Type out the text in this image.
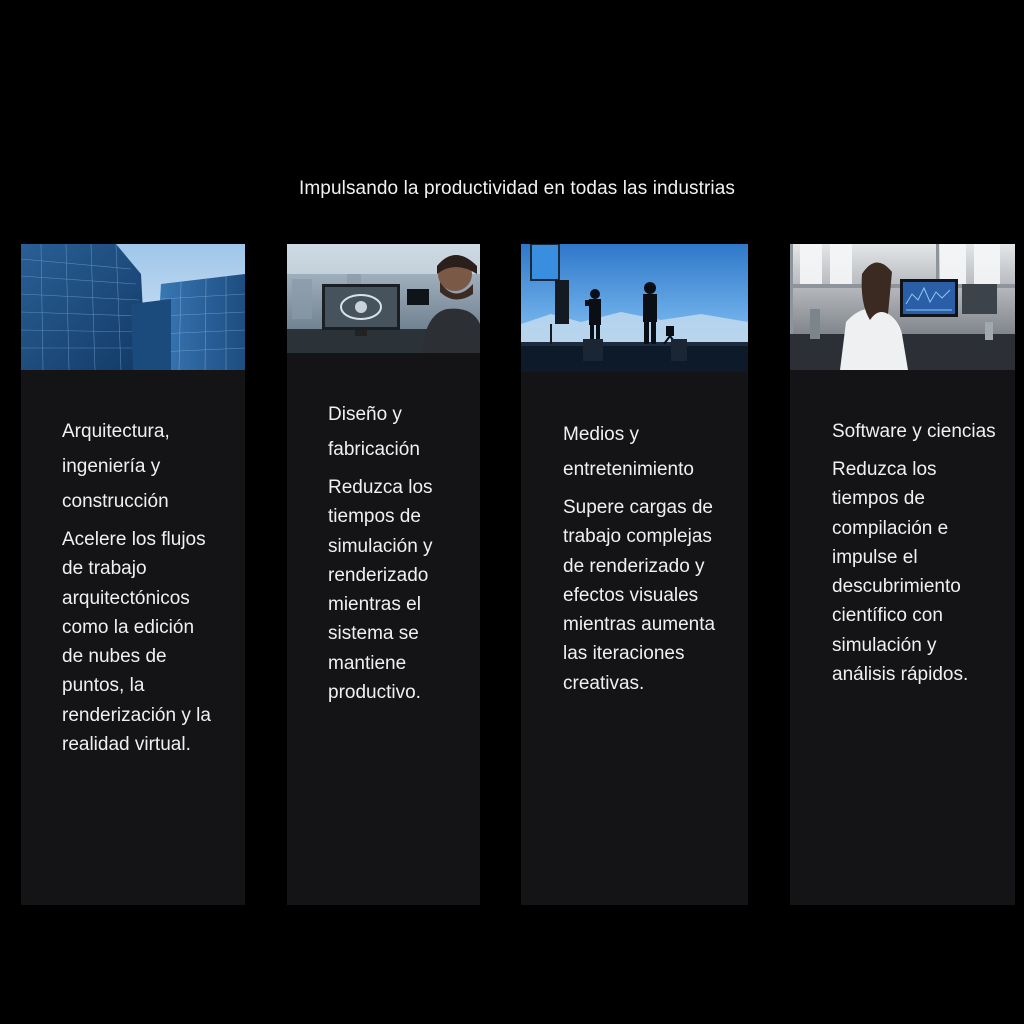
Impulsando la productividad en todas las industrias

Arquitectura, ingeniería y construcción

Acelere los flujos de trabajo arquitectónicos como la edición de nubes de puntos, la renderización y la realidad virtual.

Diseño y fabricación

Reduzca los tiempos de simulación y renderizado mientras el sistema se mantiene productivo.

Medios y entretenimiento

Supere cargas de trabajo complejas de renderizado y efectos visuales mientras aumenta las iteraciones creativas.

Software y ciencias

Reduzca los tiempos de compilación e impulse el descubrimiento científico con simulación y análisis rápidos.
